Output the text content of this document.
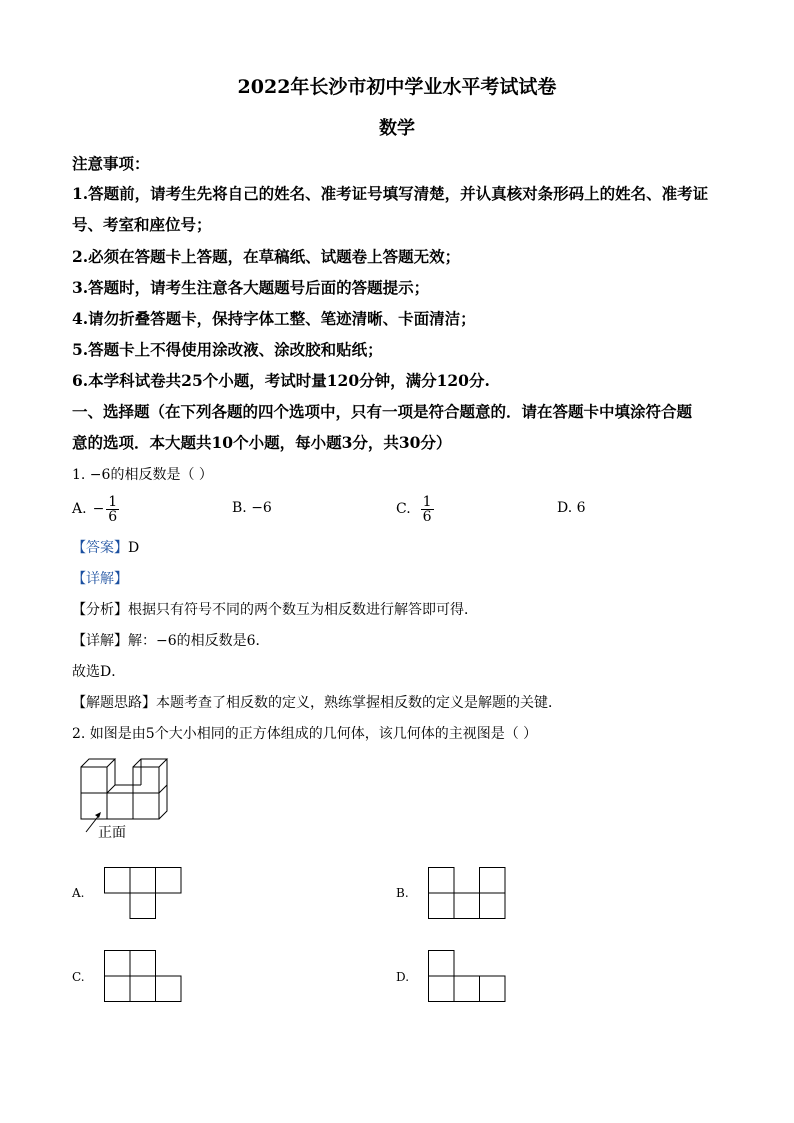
2022年长沙市初中学业水平考试试卷
数学
注意事项：
1.答题前，请考生先将自己的姓名、准考证号填写清楚，并认真核对条形码上的姓名、准考证
号、考室和座位号；
2.必须在答题卡上答题，在草稿纸、试题卷上答题无效；
3.答题时，请考生注意各大题题号后面的答题提示；
4.请勿折叠答题卡，保持字体工整、笔迹清晰、卡面清洁；
5.答题卡上不得使用涂改液、涂改胶和贴纸；
6.本学科试卷共25个小题，考试时量120分钟，满分120分.
一、选择题（在下列各题的四个选项中，只有一项是符合题意的．请在答题卡中填涂符合题
意的选项．本大题共10个小题，每小题3分，共30分）
1. −6的相反数是（ ）
A. − $\frac{1}{6}$	B. −6	C. $\frac{1}{6}$	D. 6
【答案】D
【详解】
【分析】根据只有符号不同的两个数互为相反数进行解答即可得．
【详解】解：−6的相反数是6．
故选D．
【解题思路】本题考查了相反数的定义，熟练掌握相反数的定义是解题的关键．
2. 如图是由5个大小相同的正方体组成的几何体，该几何体的主视图是（ ）
正面
A.	B.
C.	D.
